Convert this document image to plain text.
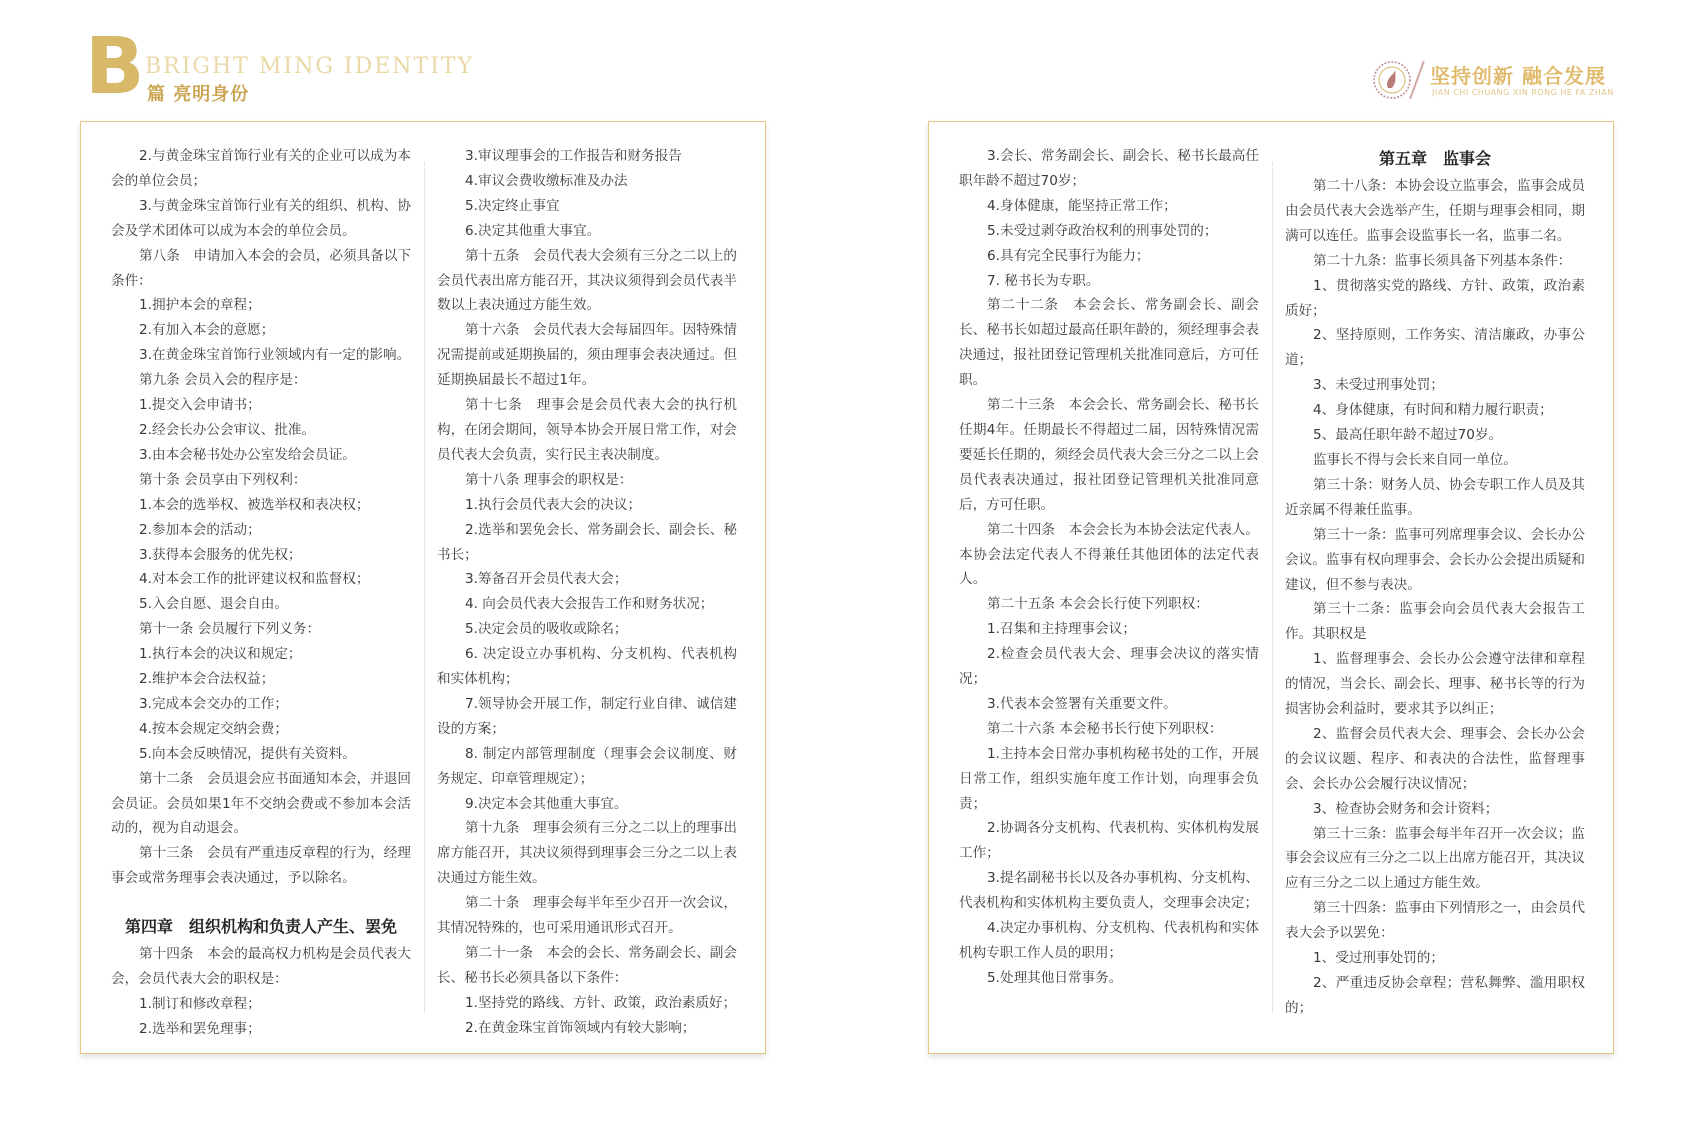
B BRIGHT MING IDENTITY
篇 亮明身份
坚持创新 融合发展
JIAN CHI CHUANG XIN RONG HE FA ZHAN

2.与黄金珠宝首饰行业有关的企业可以成为本会的单位会员；

3.与黄金珠宝首饰行业有关的组织、机构、协会及学术团体可以成为本会的单位会员。

第八条　申请加入本会的会员，必须具备以下条件：

1.拥护本会的章程；

2.有加入本会的意愿；

3.在黄金珠宝首饰行业领域内有一定的影响。

第九条 会员入会的程序是：

1.提交入会申请书；

2.经会长办公会审议、批准。

3.由本会秘书处办公室发给会员证。

第十条 会员享由下列权利：

1.本会的选举权、被选举权和表决权；

2.参加本会的活动；

3.获得本会服务的优先权；

4.对本会工作的批评建议权和监督权；

5.入会自愿、退会自由。

第十一条 会员履行下列义务：

1.执行本会的决议和规定；

2.维护本会合法权益；

3.完成本会交办的工作；

4.按本会规定交纳会费；

5.向本会反映情况，提供有关资料。

第十二条　会员退会应书面通知本会，并退回会员证。会员如果1年不交纳会费或不参加本会活动的，视为自动退会。

第十三条　会员有严重违反章程的行为，经理事会或常务理事会表决通过，予以除名。

第四章　组织机构和负责人产生、罢免

第十四条　本会的最高权力机构是会员代表大会，会员代表大会的职权是：

1.制订和修改章程；

2.选举和罢免理事；

3.审议理事会的工作报告和财务报告

4.审议会费收缴标准及办法

5.决定终止事宜

6.决定其他重大事宜。

第十五条　会员代表大会须有三分之二以上的会员代表出席方能召开，其决议须得到会员代表半数以上表决通过方能生效。

第十六条　会员代表大会每届四年。因特殊情况需提前或延期换届的，须由理事会表决通过。但延期换届最长不超过1年。

第十七条　理事会是会员代表大会的执行机构，在闭会期间，领导本协会开展日常工作，对会员代表大会负责，实行民主表决制度。

第十八条 理事会的职权是：

1.执行会员代表大会的决议；

2.选举和罢免会长、常务副会长、副会长、秘书长；

3.筹备召开会员代表大会；

4. 向会员代表大会报告工作和财务状况；

5.决定会员的吸收或除名；

6. 决定设立办事机构、分支机构、代表机构和实体机构；

7.领导协会开展工作，制定行业自律、诚信建设的方案；

8. 制定内部管理制度（理事会会议制度、财务规定、印章管理规定）；

9.决定本会其他重大事宜。

第十九条　理事会须有三分之二以上的理事出席方能召开，其决议须得到理事会三分之二以上表决通过方能生效。

第二十条　理事会每半年至少召开一次会议，其情况特殊的，也可采用通讯形式召开。

第二十一条　本会的会长、常务副会长、副会长、秘书长必须具备以下条件：

1.坚持党的路线、方针、政策，政治素质好；

2.在黄金珠宝首饰领域内有较大影响；

3.会长、常务副会长、副会长、秘书长最高任职年龄不超过70岁；

4.身体健康，能坚持正常工作；

5.未受过剥夺政治权利的刑事处罚的；

6.具有完全民事行为能力；

7. 秘书长为专职。

第二十二条　本会会长、常务副会长、副会长、秘书长如超过最高任职年龄的，须经理事会表决通过，报社团登记管理机关批准同意后，方可任职。

第二十三条　本会会长、常务副会长、秘书长任期4年。任期最长不得超过二届，因特殊情况需要延长任期的，须经会员代表大会三分之二以上会员代表表决通过，报社团登记管理机关批准同意后，方可任职。

第二十四条　本会会长为本协会法定代表人。本协会法定代表人不得兼任其他团体的法定代表人。

第二十五条 本会会长行使下列职权：

1.召集和主持理事会议；

2.检查会员代表大会、理事会决议的落实情况；

3.代表本会签署有关重要文件。

第二十六条 本会秘书长行使下列职权：

1.主持本会日常办事机构秘书处的工作，开展日常工作，组织实施年度工作计划，向理事会负责；

2.协调各分支机构、代表机构、实体机构发展工作；

3.提名副秘书长以及各办事机构、分支机构、代表机构和实体机构主要负责人，交理事会决定；

4.决定办事机构、分支机构、代表机构和实体机构专职工作人员的职用；

5.处理其他日常事务。

第五章　监事会

第二十八条：本协会设立监事会，监事会成员由会员代表大会选举产生，任期与理事会相同，期满可以连任。监事会设监事长一名，监事二名。

第二十九条：监事长须具备下列基本条件：

1、贯彻落实党的路线、方针、政策，政治素质好；

2、坚持原则，工作务实、清洁廉政，办事公道；

3、未受过刑事处罚；

4、身体健康，有时间和精力履行职责；

5、最高任职年龄不超过70岁。

监事长不得与会长来自同一单位。

第三十条：财务人员、协会专职工作人员及其近亲属不得兼任监事。

第三十一条：监事可列席理事会议、会长办公会议。监事有权向理事会、会长办公会提出质疑和建议，但不参与表决。

第三十二条：监事会向会员代表大会报告工作。其职权是

1、监督理事会、会长办公会遵守法律和章程的情况，当会长、副会长、理事、秘书长等的行为损害协会利益时，要求其予以纠正；

2、监督会员代表大会、理事会、会长办公会的会议议题、程序、和表决的合法性，监督理事会、会长办公会履行决议情况；

3、检查协会财务和会计资料；

第三十三条：监事会每半年召开一次会议；监事会会议应有三分之二以上出席方能召开，其决议应有三分之二以上通过方能生效。

第三十四条：监事由下列情形之一，由会员代表大会予以罢免：

1、受过刑事处罚的；

2、严重违反协会章程；营私舞弊、滥用职权的；
